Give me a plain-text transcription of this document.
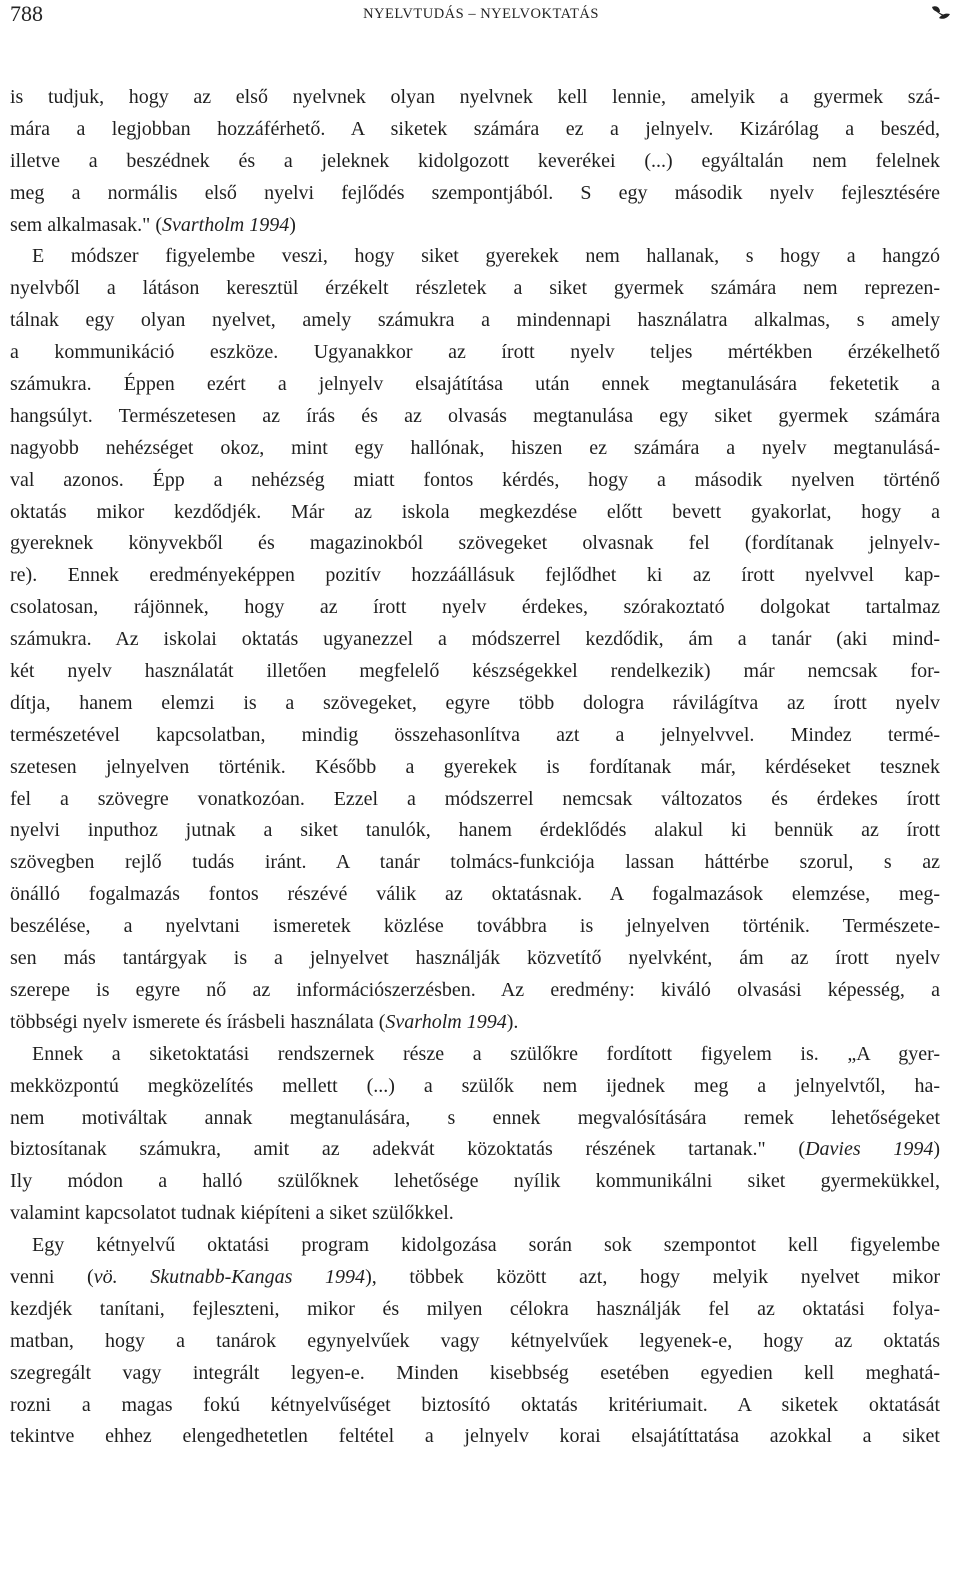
788	NYELVTUDÁS – NYELVOKTATÁS
is tudjuk, hogy az első nyelvnek olyan nyelvnek kell lennie, amelyik a gyermek szá-
mára a legjobban hozzáférhető. A siketek számára ez a jelnyelv. Kizárólag a beszéd,
illetve a beszédnek és a jeleknek kidolgozott keverékei (...) egyáltalán nem felelnek
meg a normális első nyelvi fejlődés szempontjából. S egy második nyelv fejlesztésére
sem alkalmasak." (Svartholm 1994)
E módszer figyelembe veszi, hogy siket gyerekek nem hallanak, s hogy a hangzó
nyelvből a látáson keresztül érzékelt részletek a siket gyermek számára nem reprezen-
tálnak egy olyan nyelvet, amely számukra a mindennapi használatra alkalmas, s amely
a kommunikáció eszköze. Ugyanakkor az írott nyelv teljes mértékben érzékelhető
számukra. Éppen ezért a jelnyelv elsajátítása után ennek megtanulására feketetik a
hangsúlyt. Természetesen az írás és az olvasás megtanulása egy siket gyermek számára
nagyobb nehézséget okoz, mint egy hallónak, hiszen ez számára a nyelv megtanulásá-
val azonos. Épp a nehézség miatt fontos kérdés, hogy a második nyelven történő
oktatás mikor kezdődjék. Már az iskola megkezdése előtt bevett gyakorlat, hogy a
gyereknek könyvekből és magazinokból szövegeket olvasnak fel (fordítanak jelnyelv-
re). Ennek eredményeképpen pozitív hozzáállásuk fejlődhet ki az írott nyelvvel kap-
csolatosan, rájönnek, hogy az írott nyelv érdekes, szórakoztató dolgokat tartalmaz
számukra. Az iskolai oktatás ugyanezzel a módszerrel kezdődik, ám a tanár (aki mind-
két nyelv használatát illetően megfelelő készségekkel rendelkezik) már nemcsak for-
dítja, hanem elemzi is a szövegeket, egyre több dologra rávilágítva az írott nyelv
természetével kapcsolatban, mindig összehasonlítva azt a jelnyelvvel. Mindez termé-
szetesen jelnyelven történik. Később a gyerekek is fordítanak már, kérdéseket tesznek
fel a szövegre vonatkozóan. Ezzel a módszerrel nemcsak változatos és érdekes írott
nyelvi inputhoz jutnak a siket tanulók, hanem érdeklődés alakul ki bennük az írott
szövegben rejlő tudás iránt. A tanár tolmács-funkciója lassan háttérbe szorul, s az
önálló fogalmazás fontos részévé válik az oktatásnak. A fogalmazások elemzése, meg-
beszélése, a nyelvtani ismeretek közlése továbbra is jelnyelven történik. Természete-
sen más tantárgyak is a jelnyelvet használják közvetítő nyelvként, ám az írott nyelv
szerepe is egyre nő az információszerzésben. Az eredmény: kiváló olvasási képesség, a
többségi nyelv ismerete és írásbeli használata (Svarholm 1994).
Ennek a siketoktatási rendszernek része a szülőkre fordított figyelem is. „A gyer-
mekközpontú megközelítés mellett (...) a szülők nem ijednek meg a jelnyelvtől, ha-
nem motiváltak annak megtanulására, s ennek megvalósítására remek lehetőségeket
biztosítanak számukra, amit az adekvát közoktatás részének tartanak." (Davies 1994)
Ily módon a halló szülőknek lehetősége nyílik kommunikálni siket gyermekükkel,
valamint kapcsolatot tudnak kiépíteni a siket szülőkkel.
Egy kétnyelvű oktatási program kidolgozása során sok szempontot kell figyelembe
venni (vö. Skutnabb-Kangas 1994), többek között azt, hogy melyik nyelvet mikor
kezdjék tanítani, fejleszteni, mikor és milyen célokra használják fel az oktatási folya-
matban, hogy a tanárok egynyelvűek vagy kétnyelvűek legyenek-e, hogy az oktatás
szegregált vagy integrált legyen-e. Minden kisebbség esetében egyedien kell meghatá-
rozni a magas fokú kétnyelvűséget biztosító oktatás kritériumait. A siketek oktatását
tekintve ehhez elengedhetetlen feltétel a jelnyelv korai elsajátíttatása azokkal a siket
